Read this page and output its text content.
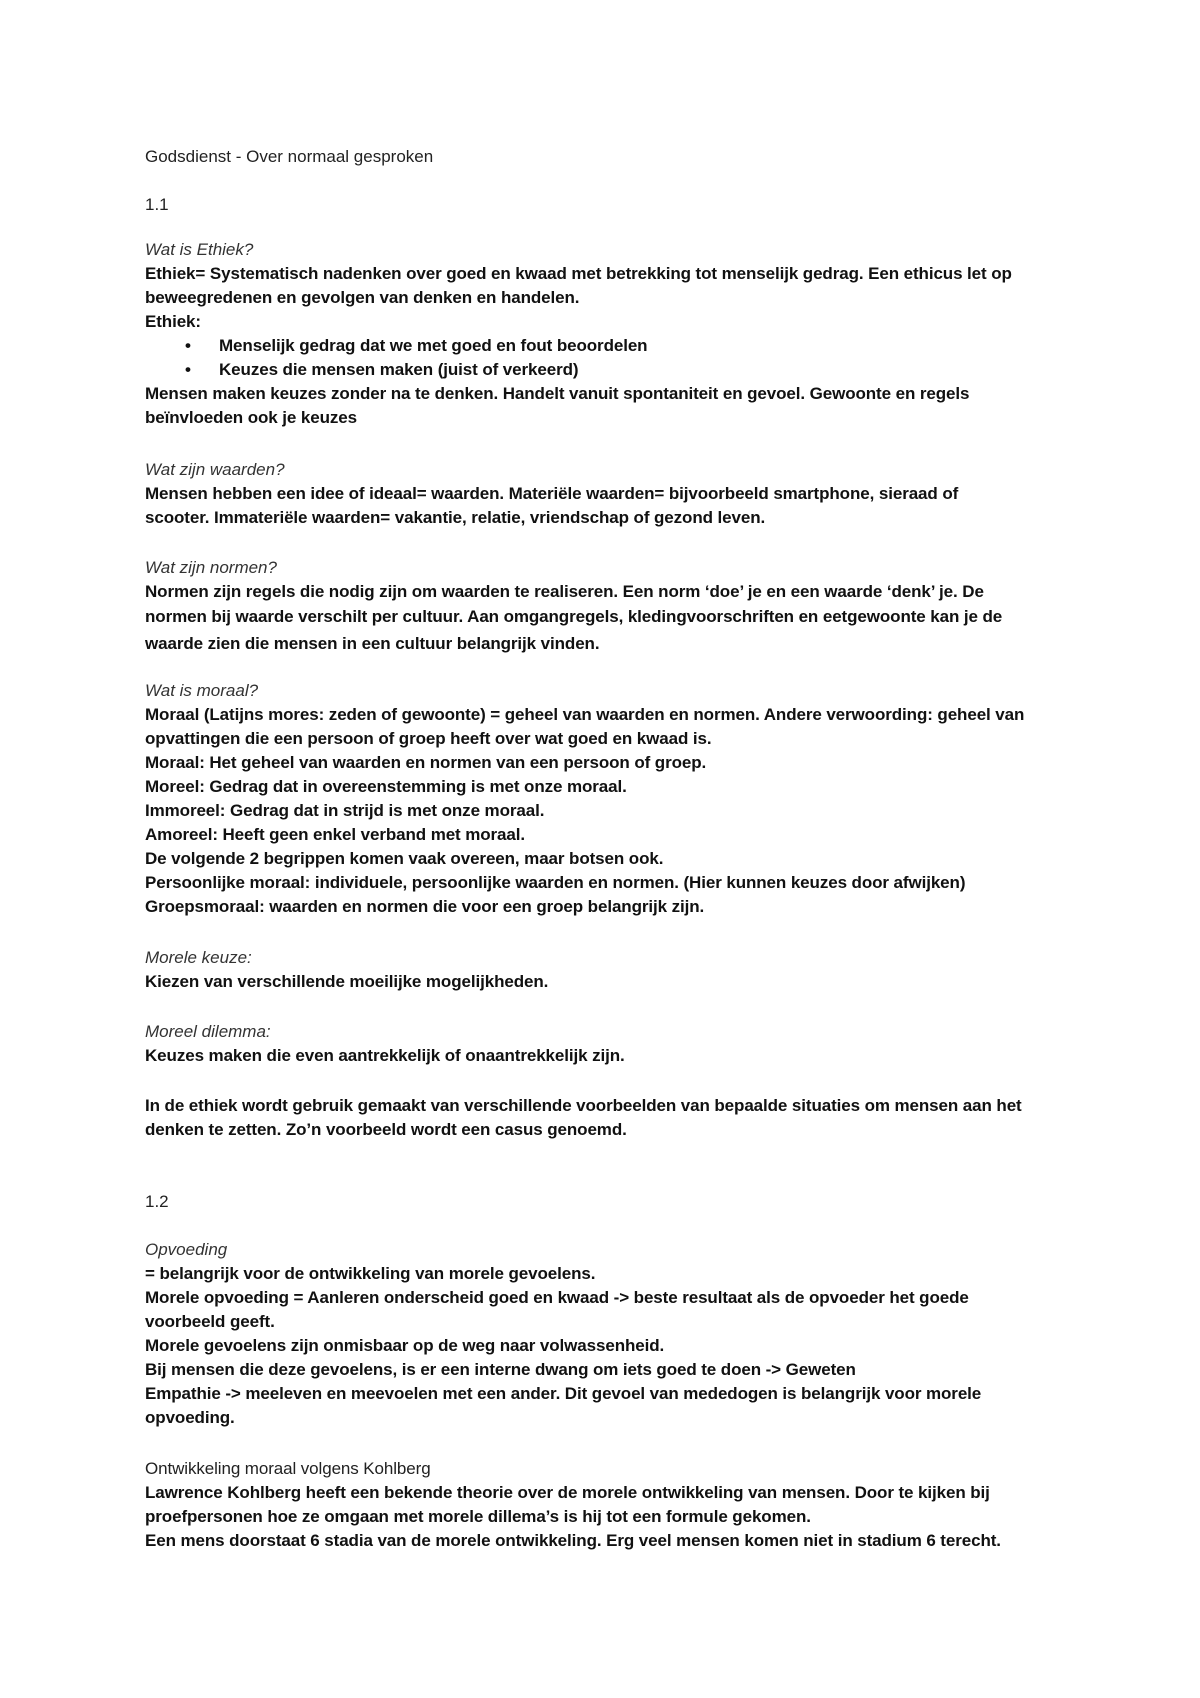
Godsdienst - Over normaal gesproken
1.1
Wat is Ethiek?
Ethiek= Systematisch nadenken over goed en kwaad met betrekking tot menselijk gedrag. Een ethicus let op
beweegredenen en gevolgen van denken en handelen.
Ethiek:
• Menselijk gedrag dat we met goed en fout beoordelen
• Keuzes die mensen maken (juist of verkeerd)
Mensen maken keuzes zonder na te denken. Handelt vanuit spontaniteit en gevoel. Gewoonte en regels
beïnvloeden ook je keuzes
Wat zijn waarden?
Mensen hebben een idee of ideaal= waarden. Materiële waarden= bijvoorbeeld smartphone, sieraad of
scooter. Immateriële waarden= vakantie, relatie, vriendschap of gezond leven.
Wat zijn normen?
Normen zijn regels die nodig zijn om waarden te realiseren. Een norm ‘doe’ je en een waarde ‘denk’ je. De
normen bij waarde verschilt per cultuur. Aan omgangregels, kledingvoorschriften en eetgewoonte kan je de
waarde zien die mensen in een cultuur belangrijk vinden.
Wat is moraal?
Moraal (Latijns mores: zeden of gewoonte) = geheel van waarden en normen. Andere verwoording: geheel van
opvattingen die een persoon of groep heeft over wat goed en kwaad is.
Moraal: Het geheel van waarden en normen van een persoon of groep.
Moreel: Gedrag dat in overeenstemming is met onze moraal.
Immoreel: Gedrag dat in strijd is met onze moraal.
Amoreel: Heeft geen enkel verband met moraal.
De volgende 2 begrippen komen vaak overeen, maar botsen ook.
Persoonlijke moraal: individuele, persoonlijke waarden en normen. (Hier kunnen keuzes door afwijken)
Groepsmoraal: waarden en normen die voor een groep belangrijk zijn.
Morele keuze:
Kiezen van verschillende moeilijke mogelijkheden.
Moreel dilemma:
Keuzes maken die even aantrekkelijk of onaantrekkelijk zijn.
In de ethiek wordt gebruik gemaakt van verschillende voorbeelden van bepaalde situaties om mensen aan het
denken te zetten. Zo’n voorbeeld wordt een casus genoemd.
1.2
Opvoeding
= belangrijk voor de ontwikkeling van morele gevoelens.
Morele opvoeding = Aanleren onderscheid goed en kwaad -> beste resultaat als de opvoeder het goede
voorbeeld geeft.
Morele gevoelens zijn onmisbaar op de weg naar volwassenheid.
Bij mensen die deze gevoelens, is er een interne dwang om iets goed te doen -> Geweten
Empathie -> meeleven en meevoelen met een ander. Dit gevoel van mededogen is belangrijk voor morele
opvoeding.
Ontwikkeling moraal volgens Kohlberg
Lawrence Kohlberg heeft een bekende theorie over de morele ontwikkeling van mensen. Door te kijken bij
proefpersonen hoe ze omgaan met morele dillema’s is hij tot een formule gekomen.
Een mens doorstaat 6 stadia van de morele ontwikkeling. Erg veel mensen komen niet in stadium 6 terecht.
